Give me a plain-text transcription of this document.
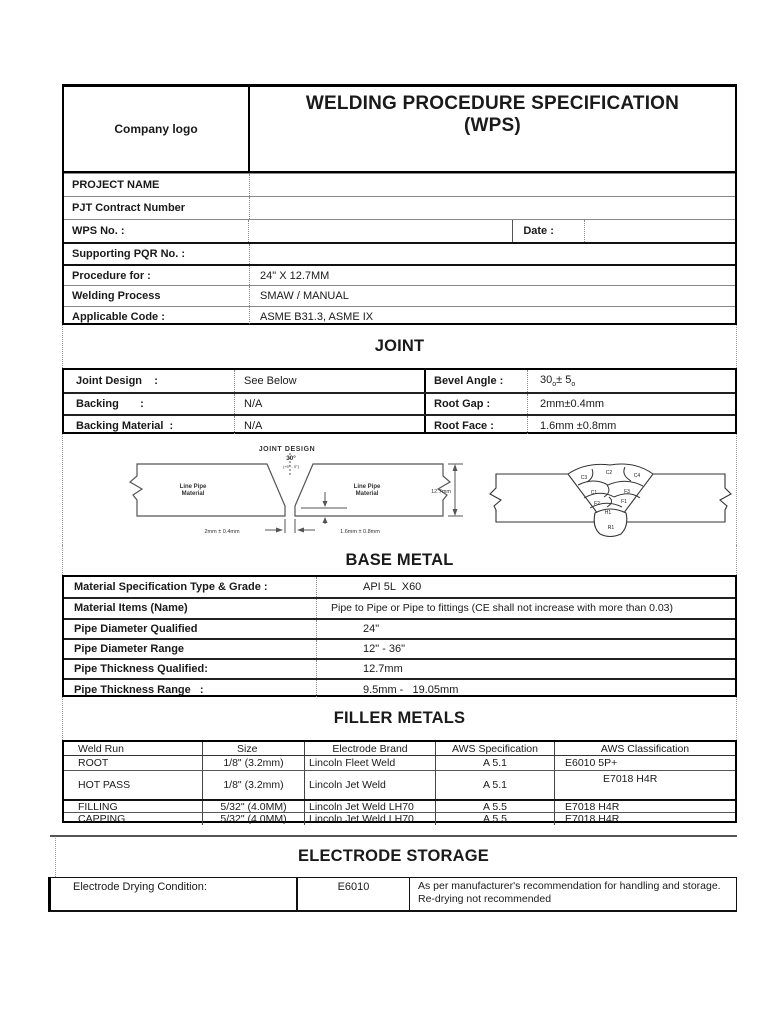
Company logo
WELDING PROCEDURE SPECIFICATION
(WPS)
PROJECT NAME
PJT Contract Number
WPS No. :	Date :
Supporting PQR No. :
Procedure for :	24" X 12.7MM
Welding Process	SMAW / MANUAL
Applicable Code :	ASME B31.3, ASME IX
JOINT
Joint Design    :	See Below	Bevel Angle :	$30_o\pm 5_o$
Backing       :	N/A	Root Gap :	2mm±0.4mm
Backing Material  :	N/A	Root Face :	1.6mm ±0.8mm
JOINT DESIGN
30°
(+5° - 0°)
Line Pipe
Material
Line Pipe
Material	12.7mm
2mm ± 0.4mm	1.6mm ± 0.8mm
C3
C2	C4
C1	F3
F2	F1
H1
R1
BASE METAL
Material Specification Type & Grade :	API 5L  X60
Material Items (Name)	Pipe to Pipe or Pipe to fittings (CE shall not increase with more than 0.03)
Pipe Diameter Qualified	24"
Pipe Diameter Range	12" - 36"
Pipe Thickness Qualified:	12.7mm
Pipe Thickness Range   :	9.5mm -   19.05mm
FILLER METALS
Weld Run	Size	Electrode Brand	AWS Specification	AWS Classification
ROOT	1/8" (3.2mm)	Lincoln Fleet Weld	A 5.1	E6010 5P+
HOT PASS	1/8" (3.2mm)	Lincoln Jet Weld	A 5.1	E7018 H4R
FILLING	5/32" (4.0MM)	Lincoln Jet Weld LH70	A 5.5	E7018 H4R
CAPPING	5/32" (4.0MM)	Lincoln Jet Weld LH70	A 5.5	E7018 H4R
ELECTRODE STORAGE
Electrode Drying Condition:	E6010	As per manufacturer's recommendation for handling and storage. Re-drying not recommended
